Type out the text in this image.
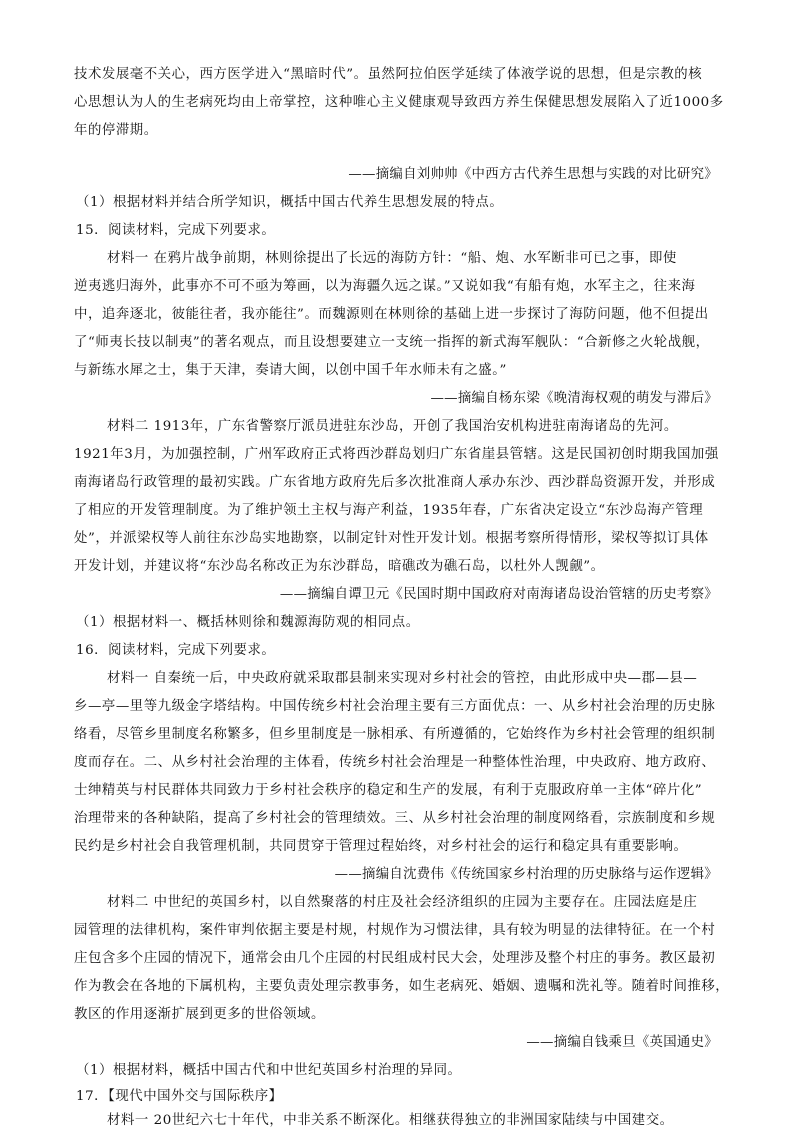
技术发展毫不关心，西方医学进入“黑暗时代”。虽然阿拉伯医学延续了体液学说的思想，但是宗教的核
心思想认为人的生老病死均由上帝掌控，这种唯心主义健康观导致西方养生保健思想发展陷入了近1000多
年的停滞期。
——摘编自刘帅帅《中西方古代养生思想与实践的对比研究》
（1）根据材料并结合所学知识，概括中国古代养生思想发展的特点。
15．阅读材料，完成下列要求。
材料一 在鸦片战争前期，林则徐提出了长远的海防方针：“船、炮、水军断非可已之事，即使
逆夷逃归海外，此事亦不可不亟为筹画，以为海疆久远之谋。”又说如我“有船有炮，水军主之，往来海
中，追奔逐北，彼能往者，我亦能往”。而魏源则在林则徐的基础上进一步探讨了海防问题，他不但提出
了“师夷长技以制夷”的著名观点，而且设想要建立一支统一指挥的新式海军舰队：“合新修之火轮战舰，
与新练水犀之士，集于天津，奏请大闽，以创中国千年水师未有之盛。”
——摘编自杨东梁《晚清海权观的萌发与滞后》
材料二 1913年，广东省警察厅派员进驻东沙岛，开创了我国治安机构进驻南海诸岛的先河。
1921年3月，为加强控制，广州军政府正式将西沙群岛划归广东省崖县管辖。这是民国初创时期我国加强
南海诸岛行政管理的最初实践。广东省地方政府先后多次批准商人承办东沙、西沙群岛资源开发，并形成
了相应的开发管理制度。为了维护领土主权与海产利益，1935年春，广东省决定设立“东沙岛海产管理
处”，并派梁权等人前往东沙岛实地勘察，以制定针对性开发计划。根据考察所得情形，梁权等拟订具体
开发计划，并建议将“东沙岛名称改正为东沙群岛，暗礁改为礁石岛，以杜外人觊觎”。
——摘编自谭卫元《民国时期中国政府对南海诸岛设治管辖的历史考察》
（1）根据材料一、概括林则徐和魏源海防观的相同点。
16．阅读材料，完成下列要求。
材料一 自秦统一后，中央政府就采取郡县制来实现对乡村社会的管控，由此形成中央—郡—县—
乡—亭—里等九级金字塔结构。中国传统乡村社会治理主要有三方面优点：一、从乡村社会治理的历史脉
络看，尽管乡里制度名称繁多，但乡里制度是一脉相承、有所遵循的，它始终作为乡村社会管理的组织制
度而存在。二、从乡村社会治理的主体看，传统乡村社会治理是一种整体性治理，中央政府、地方政府、
士绅精英与村民群体共同致力于乡村社会秩序的稳定和生产的发展，有利于克服政府单一主体“碎片化”
治理带来的各种缺陷，提高了乡村社会的管理绩效。三、从乡村社会治理的制度网络看，宗族制度和乡规
民约是乡村社会自我管理机制，共同贯穿于管理过程始终，对乡村社会的运行和稳定具有重要影响。
——摘编自沈费伟《传统国家乡村治理的历史脉络与运作逻辑》
材料二 中世纪的英国乡村，以自然聚落的村庄及社会经济组织的庄园为主要存在。庄园法庭是庄
园管理的法律机构，案件审判依据主要是村规，村规作为习惯法律，具有较为明显的法律特征。在一个村
庄包含多个庄园的情况下，通常会由几个庄园的村民组成村民大会，处理涉及整个村庄的事务。教区最初
作为教会在各地的下属机构，主要负责处理宗教事务，如生老病死、婚姻、遗嘱和洗礼等。随着时间推移，
教区的作用逐渐扩展到更多的世俗领域。
——摘编自钱乘旦《英国通史》
（1）根据材料，概括中国古代和中世纪英国乡村治理的异同。
17．【现代中国外交与国际秩序】
材料一 20世纪六七十年代，中非关系不断深化。相继获得独立的非洲国家陆续与中国建交。
